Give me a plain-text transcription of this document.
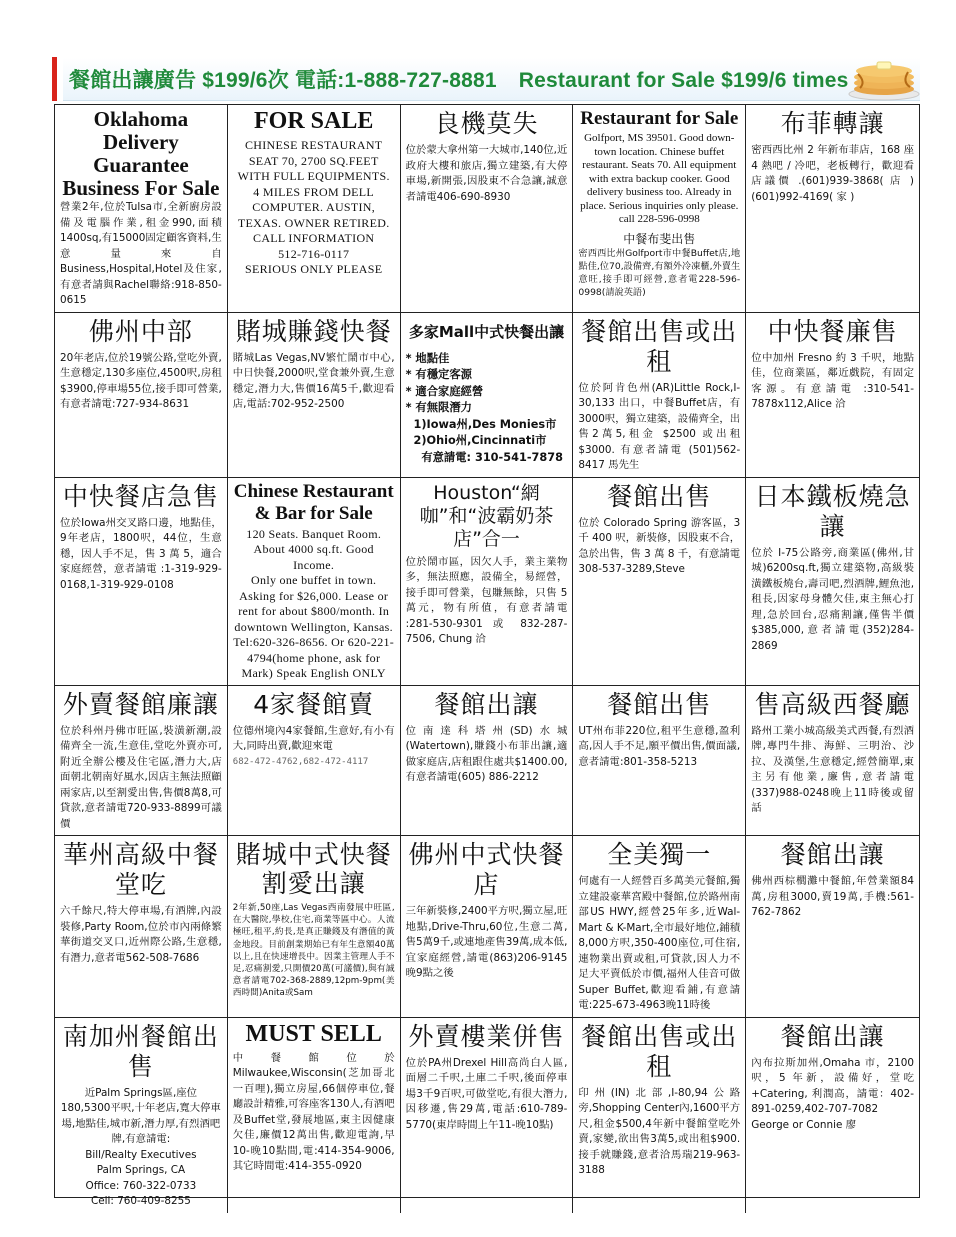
餐館出讓廣告 $199/6次 電話:1-888-727-8881 Restaurant for Sale $199/6 times
Oklahoma Delivery Guarantee Business For Sale
營業2年,位於Tulsa市,全新廚房設備及電腦作業,租金990,面積1400sq,有15000固定顧客資料,生意量來自Business,Hospital,Hotel及住家,有意者請與Rachel聯絡:918-850-0615
FOR SALE
CHINESE RESTAURANT
SEAT 70, 2700 SQ.FEET
WITH FULL EQUIPMENTS.
4 MILES FROM DELL
COMPUTER. AUSTIN,
TEXAS. OWNER RETIRED.
CALL INFORMATION
512-716-0117
SERIOUS ONLY PLEASE
良機莫失
位於蒙大拿州第一大城市,140位,近政府大樓和旅店,獨立建築,有大停車場,新開張,因股東不合急讓,誠意者請電406-690-8930
Restaurant for Sale
Golfport, MS 39501. Good down-town location. Chinese buffet restaurant. Seats 70. All equipment with extra backup cooker. Good delivery business too. Already in place. Serious inquiries only please.
call 228-596-0998
中餐布斐出售
密西西比州Golfport市中餐Buffet店,地點佳,位70,設備齊,有額外冷凍櫃,外賣生意旺,接手即可經營,意者電228-596-0998(請說英語)
布菲轉讓
密西西比州 2 年新布菲店，168 座 4 熱吧 / 冷吧，老板轉行，歡迎看店議價 .(601)939-3868( 店 )(601)992-4169( 家 )
佛州中部
20年老店,位於19號公路,堂吃外賣,生意穩定,130多座位,4500呎,房租$3900,停車場55位,接手即可營業,有意者請電:727-934-8631
賭城賺錢快餐
賭城Las Vegas,NV繁忙鬧市中心,中日快餐,2000呎,堂食兼外賣,生意穩定,潛力大,售價16萬5千,歡迎看店,電話:702-952-2500
多家Mall中式快餐出讓
* 地點佳
* 有穩定客源
* 適合家庭經營
* 有無限潛力
1)Iowa州,Des Monies市
2)Ohio州,Cincinnati市
有意請電: 310-541-7878
餐館出售或出租
位於阿肯色州(AR)Little Rock,I-30,133 出口，中餐Buffet店，有3000呎，獨立建築，設備齊全，出售2萬5,租金 $2500 或出租 $3000. 有意者請電 (501)562-8417 馬先生
中快餐廉售
位中加州 Fresno 約 3 千呎，地點佳，位商業區，鄰近戲院，有固定客源。有意請電 :310-541-7878x112,Alice 洽
中快餐店急售
位於Iowa州交叉路口邊，地點佳，9年老店，1800呎，44位，生意穩，因人手不足，售 3 萬 5，適合家庭經營，意者請電 :1-319-929-0168,1-319-929-0108
Chinese Restaurant & Bar for Sale
120 Seats. Banquet Room.
About 4000 sq.ft. Good Income.
Only one buffet in town.
Asking for $26,000. Lease or
rent for about $800/month. In
downtown Wellington, Kansas.
Tel:620-326-8656. Or 620-221-
4794(home phone, ask for
Mark) Speak English ONLY
Houston“網咖”和“波霸奶茶店”合一
位於鬧市區，因欠人手，業主業物多，無法照應，設備全，易經營，接手即可營業，包賺無餘，只售 5 萬元，物有所值，有意者請電 :281-530-9301 或 832-287-7506, Chung 洽
餐館出售
位於 Colorado Spring 游客區，3 千 400 呎，新裝修，因股東不合，急於出售，售 3 萬 8 千，有意請電 308-537-3289,Steve
日本鐵板燒急讓
位於 I-75公路旁,商業區(佛州,甘城)6200sq.ft,獨立建築物,高級裝潢鐵板燒台,壽司吧,烈酒牌,鯉魚池,租長,因家母身體欠佳,東主無心打理,急於回台,忍痛割讓,僅售半價$385,000,意者請電(352)284-2869
外賣餐館廉讓
位於科州丹佛市旺區,裝潢新潮,設備齊全一流,生意佳,堂吃外賣亦可,附近全辦公樓及住宅區,潛力大,店面朝北朝南好風水,因店主無法照顧兩家店,以至割愛出售,售價8萬8,可貸款,意者請電720-933-8899可議價
4家餐館賣
位德州境內4家餐館,生意好,有小有大,同時出賣,歡迎來電
682-472-4762,682-472-4117
餐館出讓
位南達科塔州(SD)水城(Watertown),賺錢小布菲出讓,適做家庭店,店租跟住處共$1400.00,有意者請電(605) 886-2212
餐館出售
UT州布菲220位,租平生意穩,盈利高,因人手不足,願平價出售,價面議,意者請電:801-358-5213
售高級西餐廳
路州工業小城高級美式西餐,有烈酒牌,專門牛排、海鮮、三明治、沙拉、及漢堡,生意穩定,經營簡單,東主另有他業,廉售,意者請電(337)988-0248晚上11時後或留話
華州高級中餐堂吃
六千餘尺,特大停車場,有酒牌,內設裝修,Party Room,位於市內兩條繁華街道交叉口,近州際公路,生意穩,有潛力,意者電562-508-7686
賭城中式快餐割愛出讓
2年新,50座,Las Vegas西南發展中旺區,在大醫院,學校,住宅,商業等區中心。人流極旺,租平,約長,是真正賺錢及有潛值的黃金地段。目前創業期始已有年生意額40萬以上,且在快速增長中。因業主管理人手不足,忍痛割愛,只開價20萬(可議價),與有誠意者請電702-368-2889,12pm-9pm(美西時間)Anita或Sam
佛州中式快餐店
三年新裝修,2400平方呎,獨立屋,旺地點,Drive-Thru,60位,生意二萬,售5萬9千,或連地產售39萬,成本低,宜家庭經營,請電(863)206-9145晚9點之後
全美獨一
何處有一人經營百多萬美元餐館,獨立建設豪華宮殿中餐館,位於路州南部US HWY,經營25年多,近Wal-Mart & K-Mart,全市最好地位,鋪積8,000方呎,350-400座位,可住宿,連物業出賣或租,可貸款,因人力不足大平賣低於市價,福州人佳音可做Super Buffet,歡迎看鋪,有意請電:225-673-4963晚11時後
餐館出讓
佛州西棕櫚灘中餐館,年營業額84萬,房租3000,賣19萬,手機:561-762-7862
南加州餐館出售
近Palm Springs區,座位180,5300平呎,十年老店,寬大停車場,地點佳,城市新,潛力厚,有烈酒吧牌,有意請電:
Bill/Realty Executives
Palm Springs, CA
Office: 760-322-0733
Cell: 760-409-8255
MUST SELL
中餐館位於Milwaukee,Wisconsin(芝加哥北一百哩),獨立房屋,66個停車位,餐廳設計精雅,可容座客130人,有酒吧及Buffet堂,發展地區,東主因健康欠佳,廉價12萬出售,歡迎電詢,早10-晚10點間,電:414-354-9006,其它時間電:414-355-0920
外賣樓業併售
位於PA州Drexel Hill高尚白人區,面層二千呎,土庫二千呎,後面停車場3千9百呎,可做堂吃,有很大潛力,因移遷,售29萬,電話:610-789-5770(東岸時間上午11-晚10點)
餐館出售或出租
印州(IN)北部,I-80,94公路旁,Shopping Center內,1600平方尺,租金$500,4年新中餐館堂吃外賣,家變,欲出售3萬5,或出租$900.接手就賺錢,意者洽馬瑞219-963-3188
餐館出讓
內布拉斯加州,Omaha 市，2100 呎，5 年新，設備好，堂吃 +Catering, 利潤高，請電：402-891-0259,402-707-7082 George or Connie 廖
